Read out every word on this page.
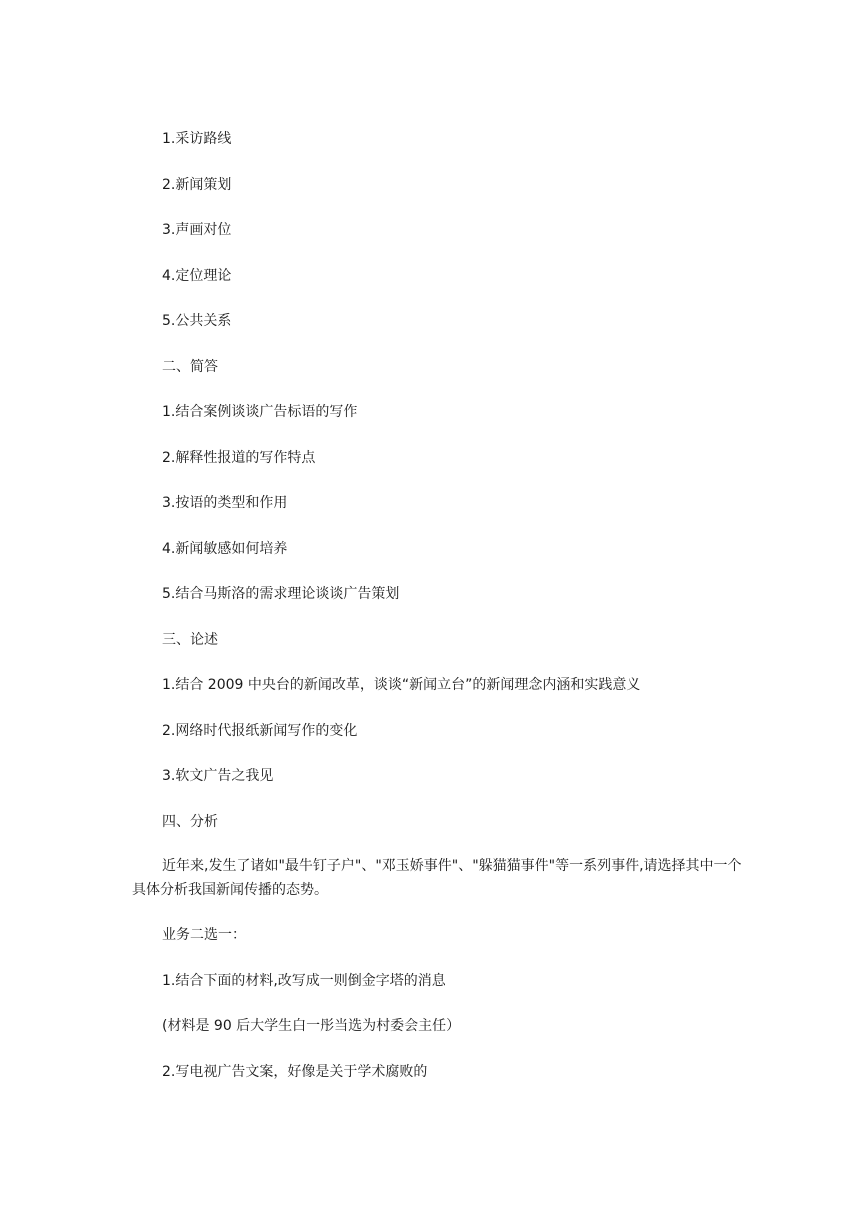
1.采访路线
2.新闻策划
3.声画对位
4.定位理论
5.公共关系
二、简答
1.结合案例谈谈广告标语的写作
2.解释性报道的写作特点
3.按语的类型和作用
4.新闻敏感如何培养
5.结合马斯洛的需求理论谈谈广告策划
三、论述
1.结合 2009 中央台的新闻改革，谈谈“新闻立台”的新闻理念内涵和实践意义
2.网络时代报纸新闻写作的变化
3.软文广告之我见
四、分析
近年来,发生了诸如"最牛钉子户"、"邓玉娇事件"、"躲猫猫事件"等一系列事件,请选择其中一个具体分析我国新闻传播的态势。
业务二选一：
1.结合下面的材料,改写成一则倒金字塔的消息
(材料是 90 后大学生白一彤当选为村委会主任）
2.写电视广告文案，好像是关于学术腐败的
